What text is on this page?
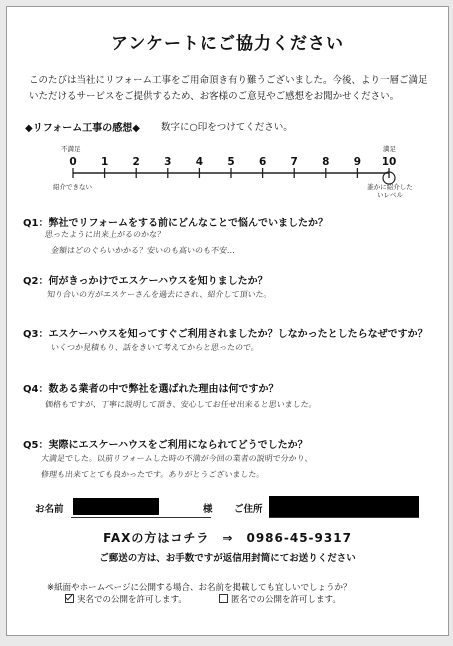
アンケートにご協力ください
このたびは当社にリフォーム工事をご用命頂き有り難うございました。今後、より一層ご満足いただけるサービスをご提供するため、お客様のご意見やご感想をお聞かせください。
◆リフォーム工事の感想◆ 数字に○印をつけてください。
不満足
紹介できない
満足
誰かに紹介したいレベル
0	1	2	3	4	5	6	7	8	9	10
Q1：弊社でリフォームをする前にどんなことで悩んでいましたか？
思ったように出来上がるのかな？
金額はどのぐらいかかる？安いのも高いのも不安…
Q2：何がきっかけでエスケーハウスを知りましたか？
知り合いの方がエスケーさんを過去にされ、紹介して頂いた。
Q3：エスケーハウスを知ってすぐご利用されましたか？しなかったとしたらなぜですか？
いくつか見積もり、話をきいて考えてからと思ったので。
Q4：数ある業者の中で弊社を選ばれた理由は何ですか？
価格もですが、丁寧に説明して頂き、安心してお任せ出来ると思いました。
Q5：実際にエスケーハウスをご利用になられてどうでしたか？
大満足でした。以前リフォームした時の不満が今回の業者の説明で分かり、
修理も出来てとても良かったです。ありがとうございました。
お名前	様 ご住所
FAXの方はコチラ　⇒　0986-45-9317
ご郵送の方は、お手数ですが返信用封筒にてお送りください
※紙面やホームページに公開する場合、お名前を掲載しても宜しいでしょうか？
実名での公開を許可します。	匿名での公開を許可します。
